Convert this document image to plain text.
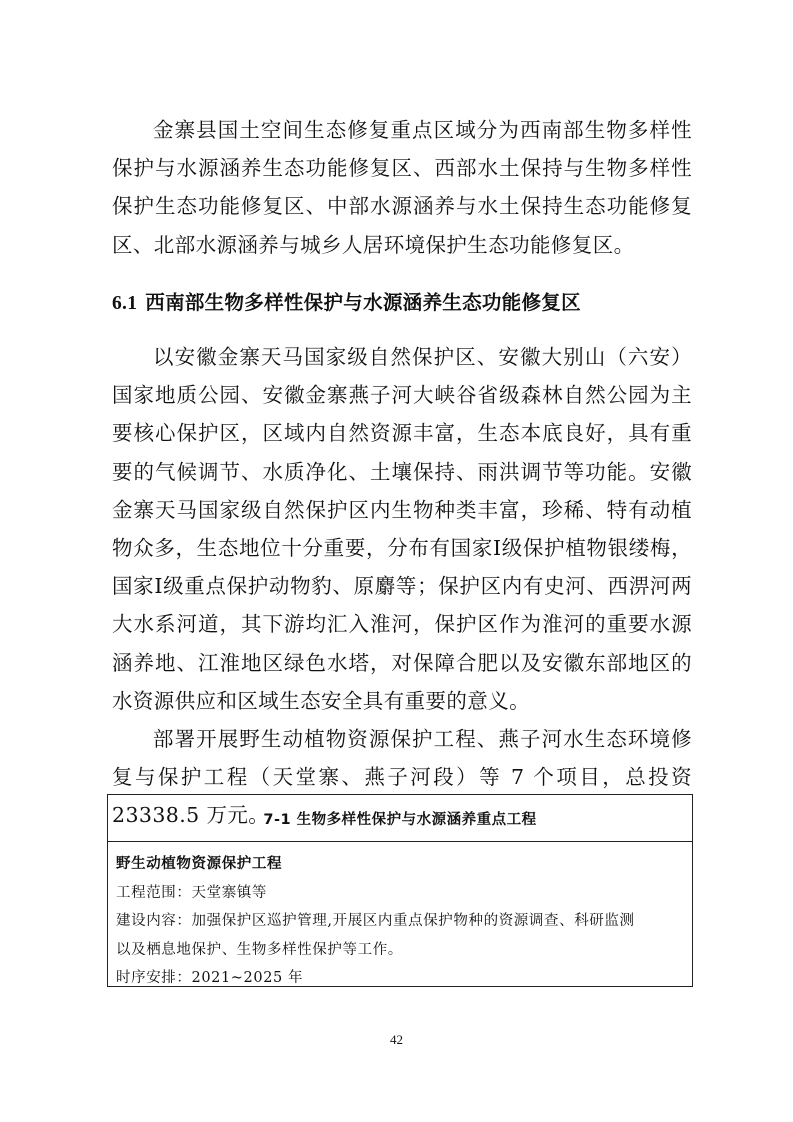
金寨县国土空间生态修复重点区域分为西南部生物多样性保护与水源涵养生态功能修复区、西部水土保持与生物多样性保护生态功能修复区、中部水源涵养与水土保持生态功能修复区、北部水源涵养与城乡人居环境保护生态功能修复区。

6.1 西南部生物多样性保护与水源涵养生态功能修复区

以安徽金寨天马国家级自然保护区、安徽大别山（六安）国家地质公园、安徽金寨燕子河大峡谷省级森林自然公园为主要核心保护区，区域内自然资源丰富，生态本底良好，具有重要的气候调节、水质净化、土壤保持、雨洪调节等功能。安徽金寨天马国家级自然保护区内生物种类丰富，珍稀、特有动植物众多，生态地位十分重要，分布有国家Ⅰ级保护植物银缕梅，国家Ⅰ级重点保护动物豹、原麝等；保护区内有史河、西淠河两大水系河道，其下游均汇入淮河，保护区作为淮河的重要水源涵养地、江淮地区绿色水塔，对保障合肥以及安徽东部地区的水资源供应和区域生态安全具有重要的意义。

部署开展野生动植物资源保护工程、燕子河水生态环境修复与保护工程（天堂寨、燕子河段）等 7 个项目，总投资 23338.5 万元。

7-1 生物多样性保护与水源涵养重点工程

野生动植物资源保护工程

工程范围：天堂寨镇等

建设内容：加强保护区巡护管理,开展区内重点保护物种的资源调查、科研监测

以及栖息地保护、生物多样性保护等工作。

时序安排：2021~2025 年

42
